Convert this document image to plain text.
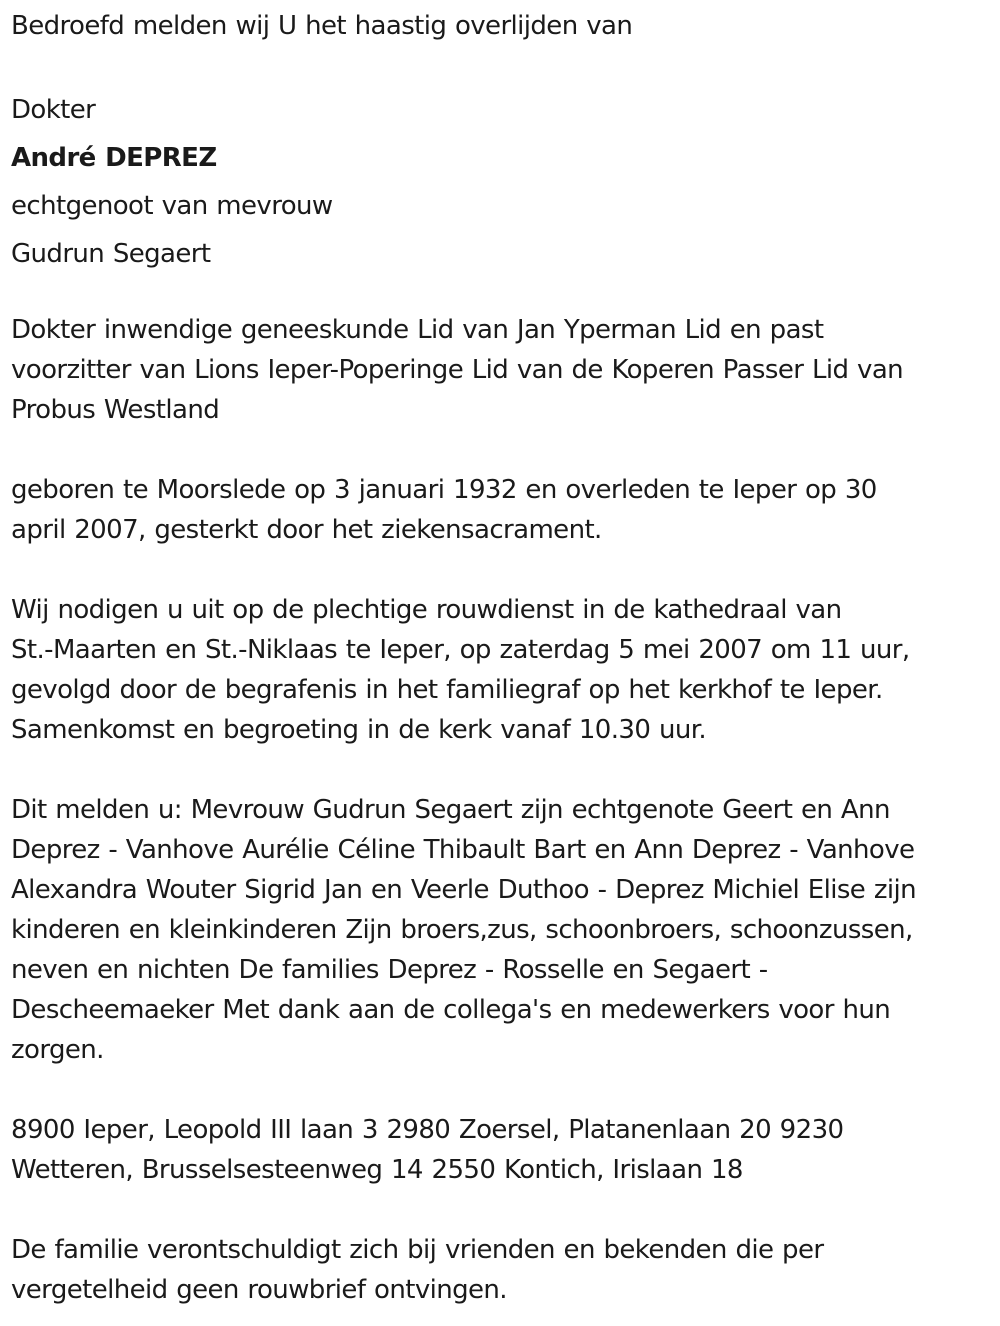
Bedroefd melden wij U het haastig overlijden van

Dokter

André DEPREZ

echtgenoot van mevrouw

Gudrun Segaert

Dokter inwendige geneeskunde Lid van Jan Yperman Lid en past

voorzitter van Lions Ieper-Poperinge Lid van de Koperen Passer Lid van

Probus Westland

geboren te Moorslede op 3 januari 1932 en overleden te Ieper op 30

april 2007, gesterkt door het ziekensacrament.

Wij nodigen u uit op de plechtige rouwdienst in de kathedraal van

St.-Maarten en St.-Niklaas te Ieper, op zaterdag 5 mei 2007 om 11 uur,

gevolgd door de begrafenis in het familiegraf op het kerkhof te Ieper.

Samenkomst en begroeting in de kerk vanaf 10.30 uur.

Dit melden u: Mevrouw Gudrun Segaert zijn echtgenote Geert en Ann

Deprez - Vanhove Aurélie Céline Thibault Bart en Ann Deprez - Vanhove

Alexandra Wouter Sigrid Jan en Veerle Duthoo - Deprez Michiel Elise zijn

kinderen en kleinkinderen Zijn broers,zus, schoonbroers, schoonzussen,

neven en nichten De families Deprez - Rosselle en Segaert -

Descheemaeker Met dank aan de collega's en medewerkers voor hun

zorgen.

8900 Ieper, Leopold III laan 3 2980 Zoersel, Platanenlaan 20 9230

Wetteren, Brusselsesteenweg 14 2550 Kontich, Irislaan 18

De familie verontschuldigt zich bij vrienden en bekenden die per

vergetelheid geen rouwbrief ontvingen.
